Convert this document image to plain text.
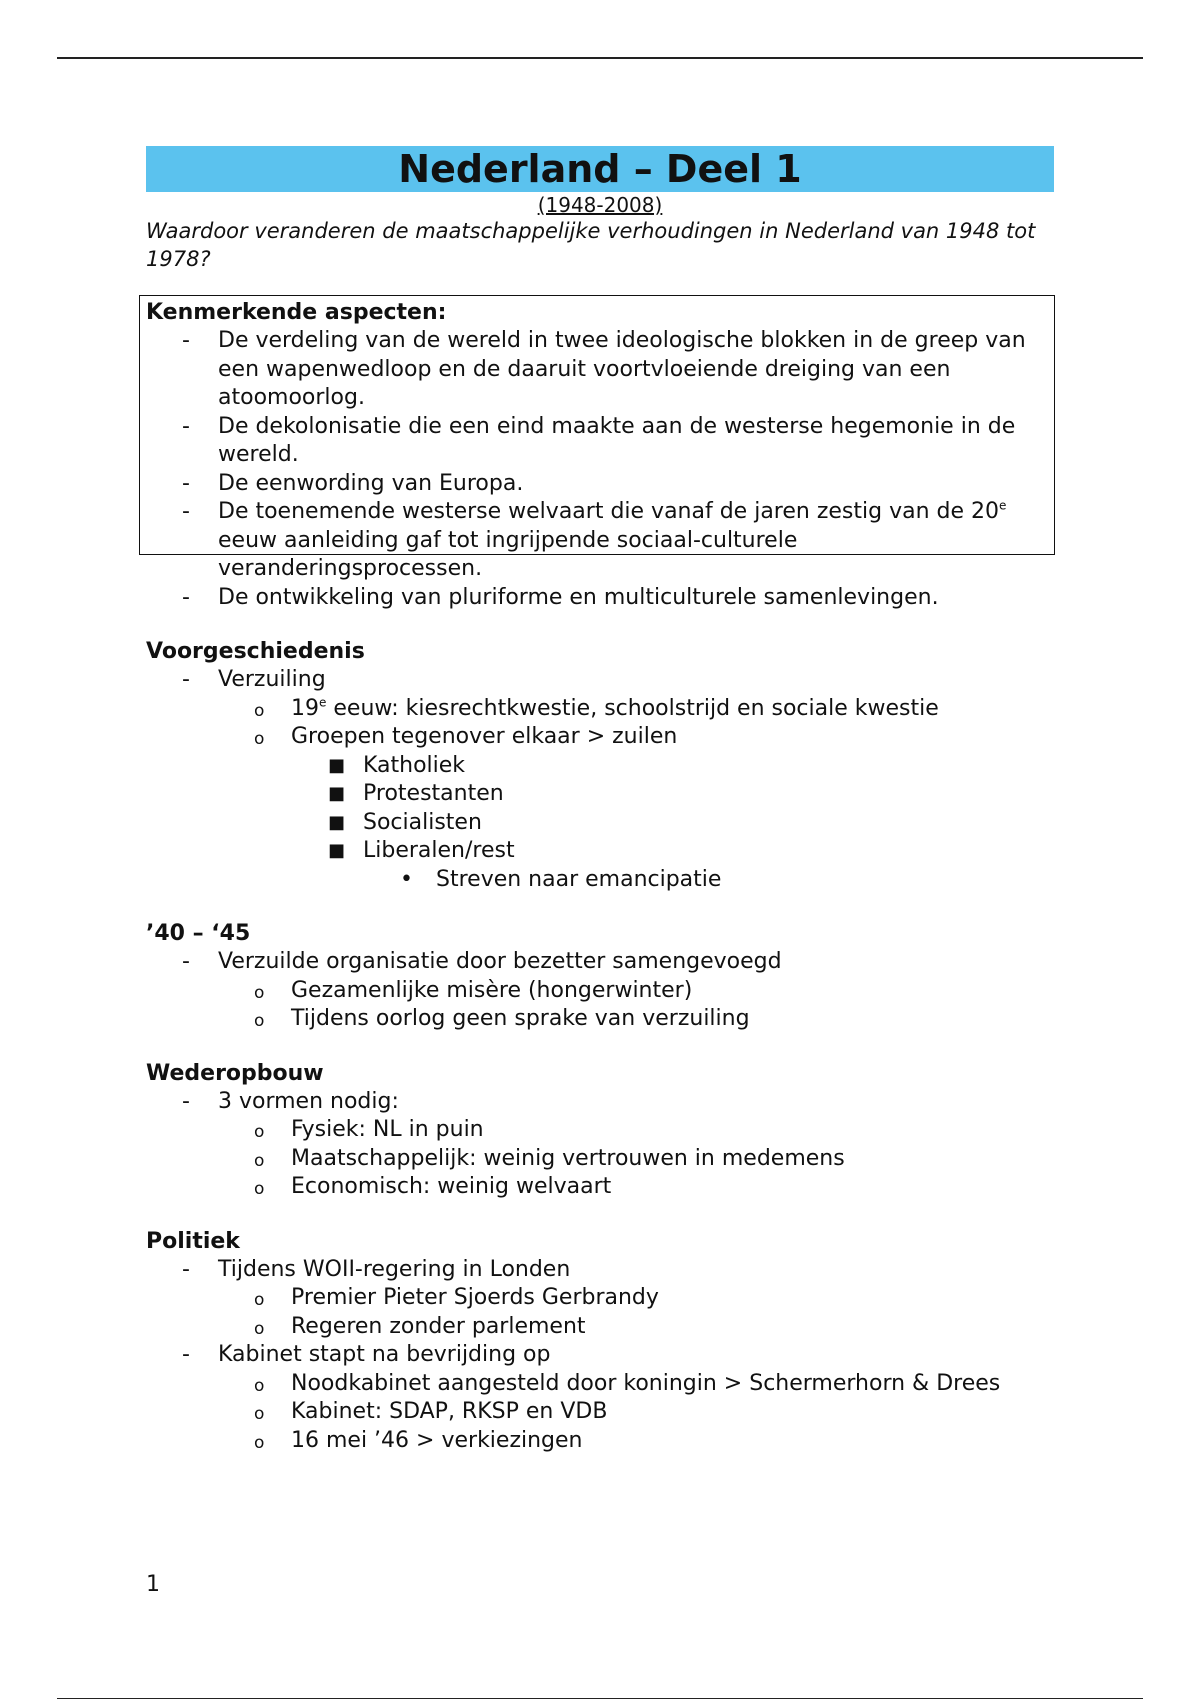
Nederland – Deel 1
(1948-2008)
Waardoor veranderen de maatschappelijke verhoudingen in Nederland van 1948 tot 1978?
Kenmerkende aspecten:
- De verdeling van de wereld in twee ideologische blokken in de greep van een wapenwedloop en de daaruit voortvloeiende dreiging van een atoomoorlog.
- De dekolonisatie die een eind maakte aan de westerse hegemonie in de wereld.
- De eenwording van Europa.
- De toenemende westerse welvaart die vanaf de jaren zestig van de 20e eeuw aanleiding gaf tot ingrijpende sociaal-culturele veranderingsprocessen.
- De ontwikkeling van pluriforme en multiculturele samenlevingen.
Voorgeschiedenis
- Verzuiling
o 19e eeuw: kiesrechtkwestie, schoolstrijd en sociale kwestie
o Groepen tegenover elkaar > zuilen
■ Katholiek
■ Protestanten
■ Socialisten
■ Liberalen/rest
• Streven naar emancipatie
’40 – ‘45
- Verzuilde organisatie door bezetter samengevoegd
o Gezamenlijke misère (hongerwinter)
o Tijdens oorlog geen sprake van verzuiling
Wederopbouw
- 3 vormen nodig:
o Fysiek: NL in puin
o Maatschappelijk: weinig vertrouwen in medemens
o Economisch: weinig welvaart
Politiek
- Tijdens WOII-regering in Londen
o Premier Pieter Sjoerds Gerbrandy
o Regeren zonder parlement
- Kabinet stapt na bevrijding op
o Noodkabinet aangesteld door koningin > Schermerhorn & Drees
o Kabinet: SDAP, RKSP en VDB
o 16 mei ’46 > verkiezingen
1
